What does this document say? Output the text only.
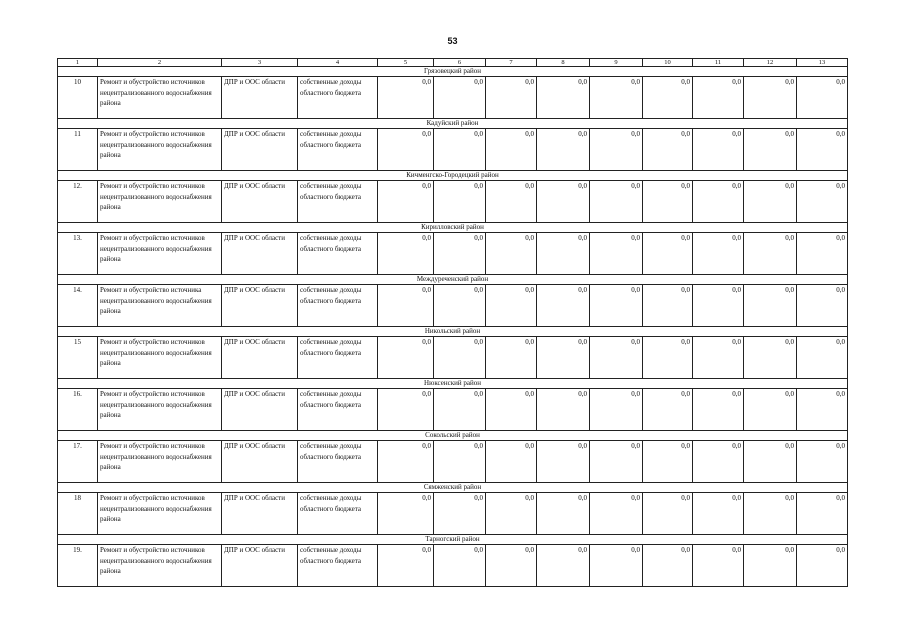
53
1	2	3	4	5	6	7	8	9	10	11	12	13
Грязовецкий район												
10	Ремонт и обустройство источников нецентрализованного водоснабжения района	ДПР и ООС области	собственные доходы областного бюджета	0,0	0,0	0,0	0,0	0,0	0,0	0,0	0,0	0,0
Кадуйский район												
11	Ремонт и обустройство источников нецентрализованного водоснабжения района	ДПР и ООС области	собственные доходы областного бюджета	0,0	0,0	0,0	0,0	0,0	0,0	0,0	0,0	0,0
Кичменгско-Городецкий район												
12.	Ремонт и обустройство источников нецентрализованного водоснабжения района	ДПР и ООС области	собственные доходы областного бюджета	0,0	0,0	0,0	0,0	0,0	0,0	0,0	0,0	0,0
Кирилловский район												
13.	Ремонт и обустройство источников нецентрализованного водоснабжения района	ДПР и ООС области	собственные доходы областного бюджета	0,0	0,0	0,0	0,0	0,0	0,0	0,0	0,0	0,0
Междуреченский район												
14.	Ремонт и обустройство источника нецентрализованного водоснабжения района	ДПР и ООС области	собственные доходы областного бюджета	0,0	0,0	0,0	0,0	0,0	0,0	0,0	0,0	0,0
Никольский район												
15	Ремонт и обустройство источников нецентрализованного водоснабжения района	ДПР и ООС области	собственные доходы областного бюджета	0,0	0,0	0,0	0,0	0,0	0,0	0,0	0,0	0,0
Нюксенский район												
16.	Ремонт и обустройство источников нецентрализованного водоснабжения района	ДПР и ООС области	собственные доходы областного бюджета	0,0	0,0	0,0	0,0	0,0	0,0	0,0	0,0	0,0
Сокольский район												
17.	Ремонт и обустройство источников нецентрализованного водоснабжения района	ДПР и ООС области	собственные доходы областного бюджета	0,0	0,0	0,0	0,0	0,0	0,0	0,0	0,0	0,0
Сямженский район												
18	Ремонт и обустройство источников нецентрализованного водоснабжения района	ДПР и ООС области	собственные доходы областного бюджета	0,0	0,0	0,0	0,0	0,0	0,0	0,0	0,0	0,0
Тарногский район												
19.	Ремонт и обустройство источников нецентрализованного водоснабжения района	ДПР и ООС области	собственные доходы областного бюджета	0,0	0,0	0,0	0,0	0,0	0,0	0,0	0,0	0,0
